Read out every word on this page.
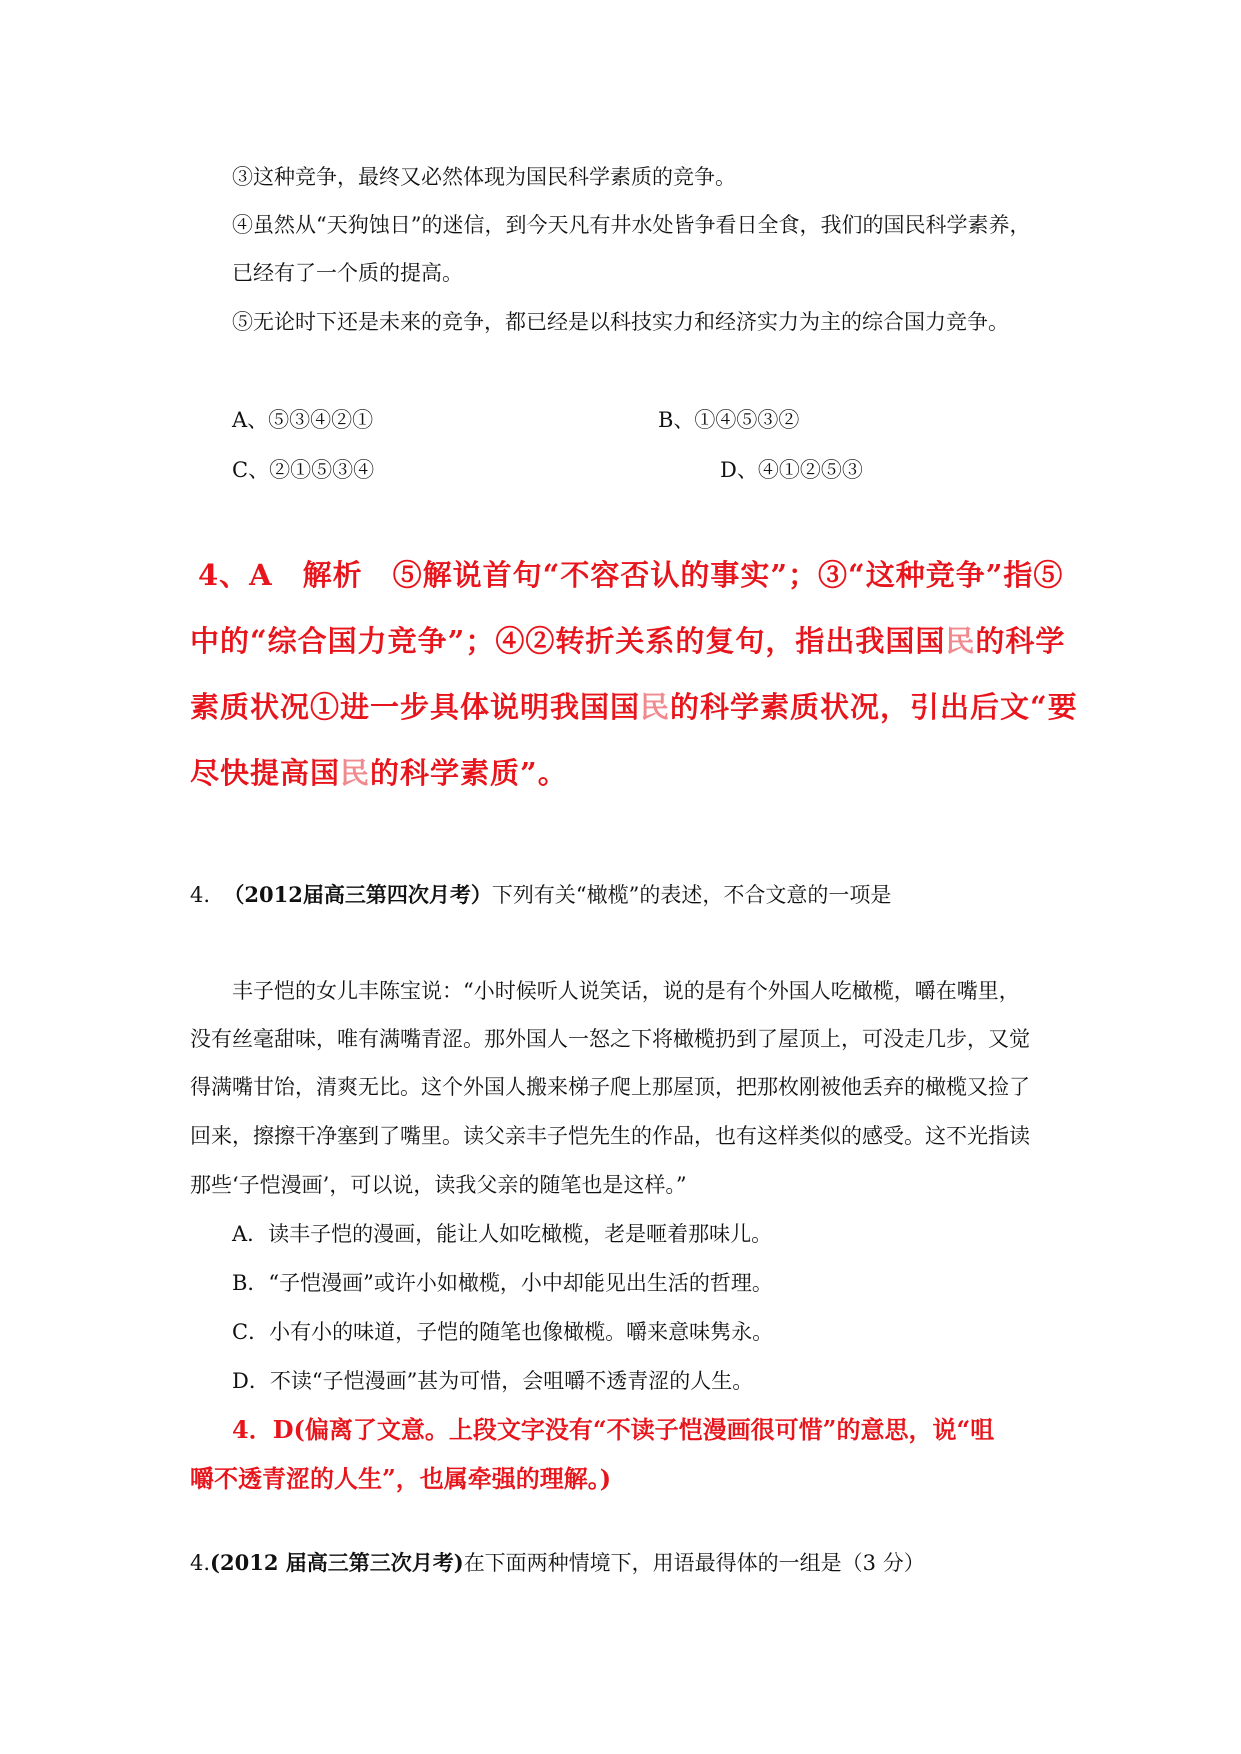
③这种竞争，最终又必然体现为国民科学素质的竞争。
④虽然从“天狗蚀日”的迷信，到今天凡有井水处皆争看日全食，我们的国民科学素养，
已经有了一个质的提高。
⑤无论时下还是未来的竞争，都已经是以科技实力和经济实力为主的综合国力竞争。
A、⑤③④②①	B、①④⑤③②
C、②①⑤③④	D、④①②⑤③
4、A　解析　⑤解说首句“不容否认的事实”；③“这种竞争”指⑤
中的“综合国力竞争”；④②转折关系的复句，指出我国国民的科学
素质状况①进一步具体说明我国国民的科学素质状况，引出后文“要
尽快提高国民的科学素质”。
4. （2012届高三第四次月考）下列有关“橄榄”的表述，不合文意的一项是
丰子恺的女儿丰陈宝说：“小时候听人说笑话，说的是有个外国人吃橄榄，嚼在嘴里，
没有丝毫甜味，唯有满嘴青涩。那外国人一怒之下将橄榄扔到了屋顶上，可没走几步，又觉
得满嘴甘饴，清爽无比。这个外国人搬来梯子爬上那屋顶，把那枚刚被他丢弃的橄榄又捡了
回来，擦擦干净塞到了嘴里。读父亲丰子恺先生的作品，也有这样类似的感受。这不光指读
那些‘子恺漫画’，可以说，读我父亲的随笔也是这样。”
A．读丰子恺的漫画，能让人如吃橄榄，老是咂着那味儿。
B．“子恺漫画”或许小如橄榄，小中却能见出生活的哲理。
C．小有小的味道，子恺的随笔也像橄榄。嚼来意味隽永。
D．不读“子恺漫画”甚为可惜，会咀嚼不透青涩的人生。
4．D(偏离了文意。上段文字没有“不读子恺漫画很可惜”的意思，说“咀
嚼不透青涩的人生”，也属牵强的理解。)
4.(2012 届高三第三次月考)在下面两种情境下，用语最得体的一组是（3 分）
